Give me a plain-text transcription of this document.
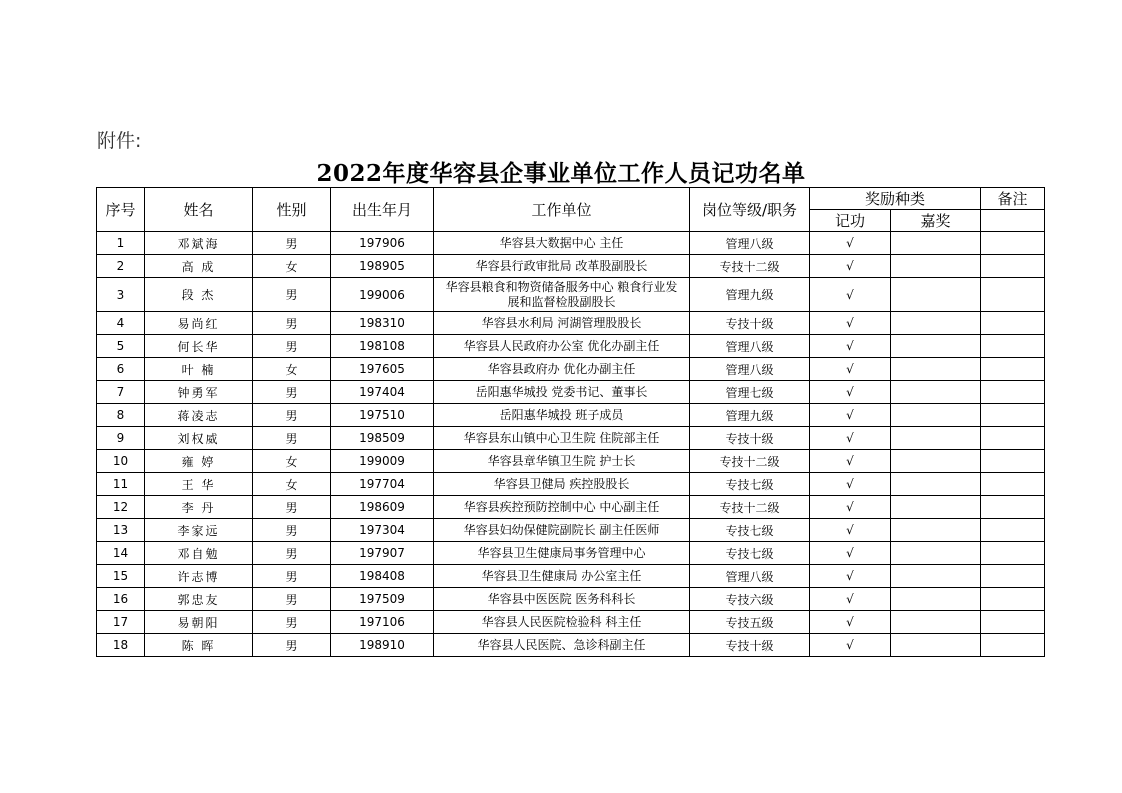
附件:
2022年度华容县企事业单位工作人员记功名单
序号	姓名	性别	出生年月	工作单位	岗位等级/职务	奖励种类		备注
						记功	嘉奖	
1	邓斌海	男	197906	华容县大数据中心 主任	管理八级	√		
2	高 成	女	198905	华容县行政审批局 改革股副股长	专技十二级	√		
3	段 杰	男	199006	华容县粮食和物资储备服务中心 粮食行业发展和监督检股副股长	管理九级	√		
4	易尚红	男	198310	华容县水利局 河湖管理股股长	专技十级	√		
5	何长华	男	198108	华容县人民政府办公室 优化办副主任	管理八级	√		
6	叶 楠	女	197605	华容县政府办 优化办副主任	管理八级	√		
7	钟勇军	男	197404	岳阳惠华城投 党委书记、董事长	管理七级	√		
8	蒋凌志	男	197510	岳阳惠华城投 班子成员	管理九级	√		
9	刘权威	男	198509	华容县东山镇中心卫生院 住院部主任	专技十级	√		
10	雍 婷	女	199009	华容县章华镇卫生院 护士长	专技十二级	√		
11	王 华	女	197704	华容县卫健局 疾控股股长	专技七级	√		
12	李 丹	男	198609	华容县疾控预防控制中心 中心副主任	专技十二级	√		
13	李家远	男	197304	华容县妇幼保健院副院长 副主任医师	专技七级	√		
14	邓自勉	男	197907	华容县卫生健康局事务管理中心	专技七级	√		
15	许志博	男	198408	华容县卫生健康局 办公室主任	管理八级	√		
16	郭忠友	男	197509	华容县中医医院 医务科科长	专技六级	√		
17	易朝阳	男	197106	华容县人民医院检验科 科主任	专技五级	√		
18	陈 晖	男	198910	华容县人民医院、急诊科副主任	专技十级	√		
